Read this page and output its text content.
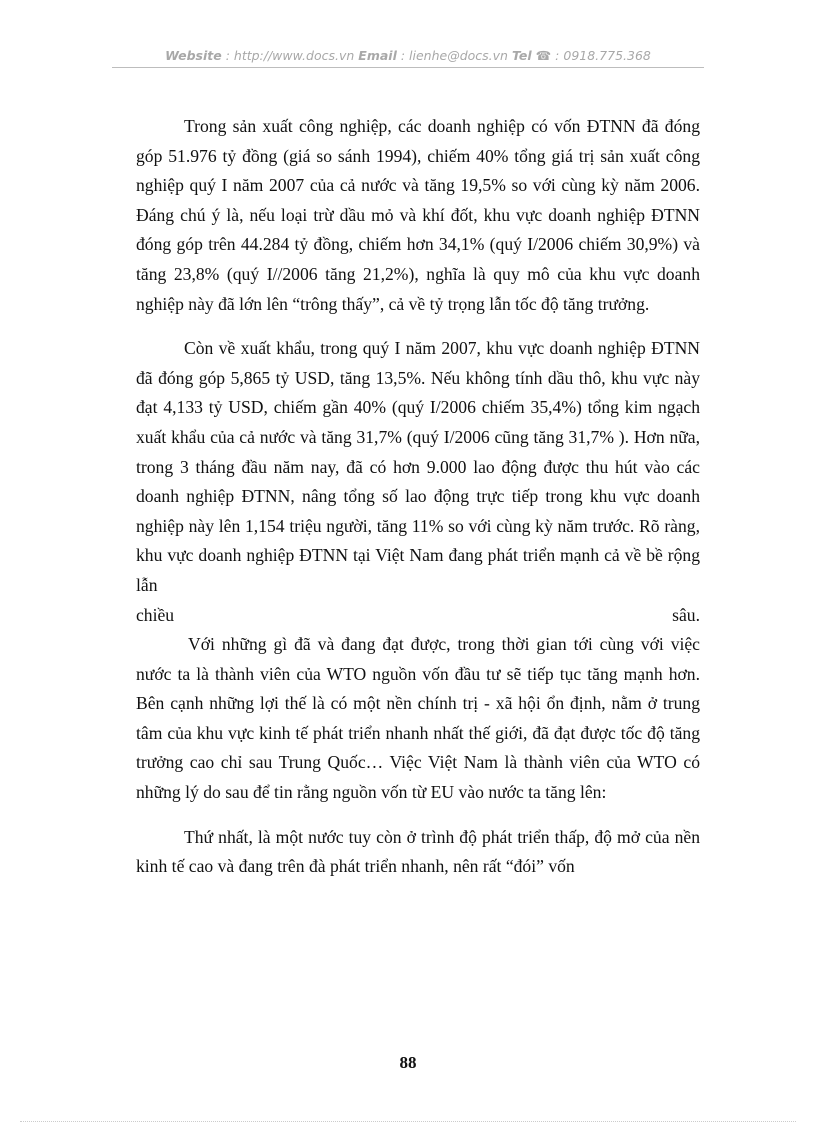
Website : http://www.docs.vn Email : lienhe@docs.vn Tel ☎ : 0918.775.368

Trong sản xuất công nghiệp, các doanh nghiệp có vốn ĐTNN đã đóng góp 51.976 tỷ đồng (giá so sánh 1994), chiếm 40% tổng giá trị sản xuất công nghiệp quý I năm 2007 của cả nước và tăng 19,5% so với cùng kỳ năm 2006. Đáng chú ý là, nếu loại trừ dầu mỏ và khí đốt, khu vực doanh nghiệp ĐTNN đóng góp trên 44.284 tỷ đồng, chiếm hơn 34,1% (quý I/2006 chiếm 30,9%) và tăng 23,8% (quý I//2006 tăng 21,2%), nghĩa là quy mô của khu vực doanh nghiệp này đã lớn lên “trông thấy”, cả về tỷ trọng lẫn tốc độ tăng trưởng.

Còn về xuất khẩu, trong quý I năm 2007, khu vực doanh nghiệp ĐTNN đã đóng góp 5,865 tỷ USD, tăng 13,5%. Nếu không tính dầu thô, khu vực này đạt 4,133 tỷ USD, chiếm gần 40% (quý I/2006 chiếm 35,4%) tổng kim ngạch xuất khẩu của cả nước và tăng 31,7% (quý I/2006 cũng tăng 31,7% ). Hơn nữa, trong 3 tháng đầu năm nay, đã có hơn 9.000 lao động được thu hút vào các doanh nghiệp ĐTNN, nâng tổng số lao động trực tiếp trong khu vực doanh nghiệp này lên 1,154 triệu người, tăng 11% so với cùng kỳ năm trước. Rõ ràng, khu vực doanh nghiệp ĐTNN tại Việt Nam đang phát triển mạnh cả về bề rộng lẫn

chiều	sâu.

Với những gì đã và đang đạt được, trong thời gian tới cùng với việc nước ta là thành viên của WTO nguồn vốn đầu tư sẽ tiếp tục tăng mạnh hơn. Bên cạnh những lợi thế là có một nền chính trị - xã hội ổn định, nằm ở trung tâm của khu vực kinh tế phát triển nhanh nhất thế giới, đã đạt được tốc độ tăng trưởng cao chỉ sau Trung Quốc… Việc Việt Nam là thành viên của WTO có những lý do sau để tin rằng nguồn vốn từ EU vào nước ta tăng lên:

Thứ nhất, là một nước tuy còn ở trình độ phát triển thấp, độ mở của nền kinh tế cao và đang trên đà phát triển nhanh, nên rất “đói” vốn

88
